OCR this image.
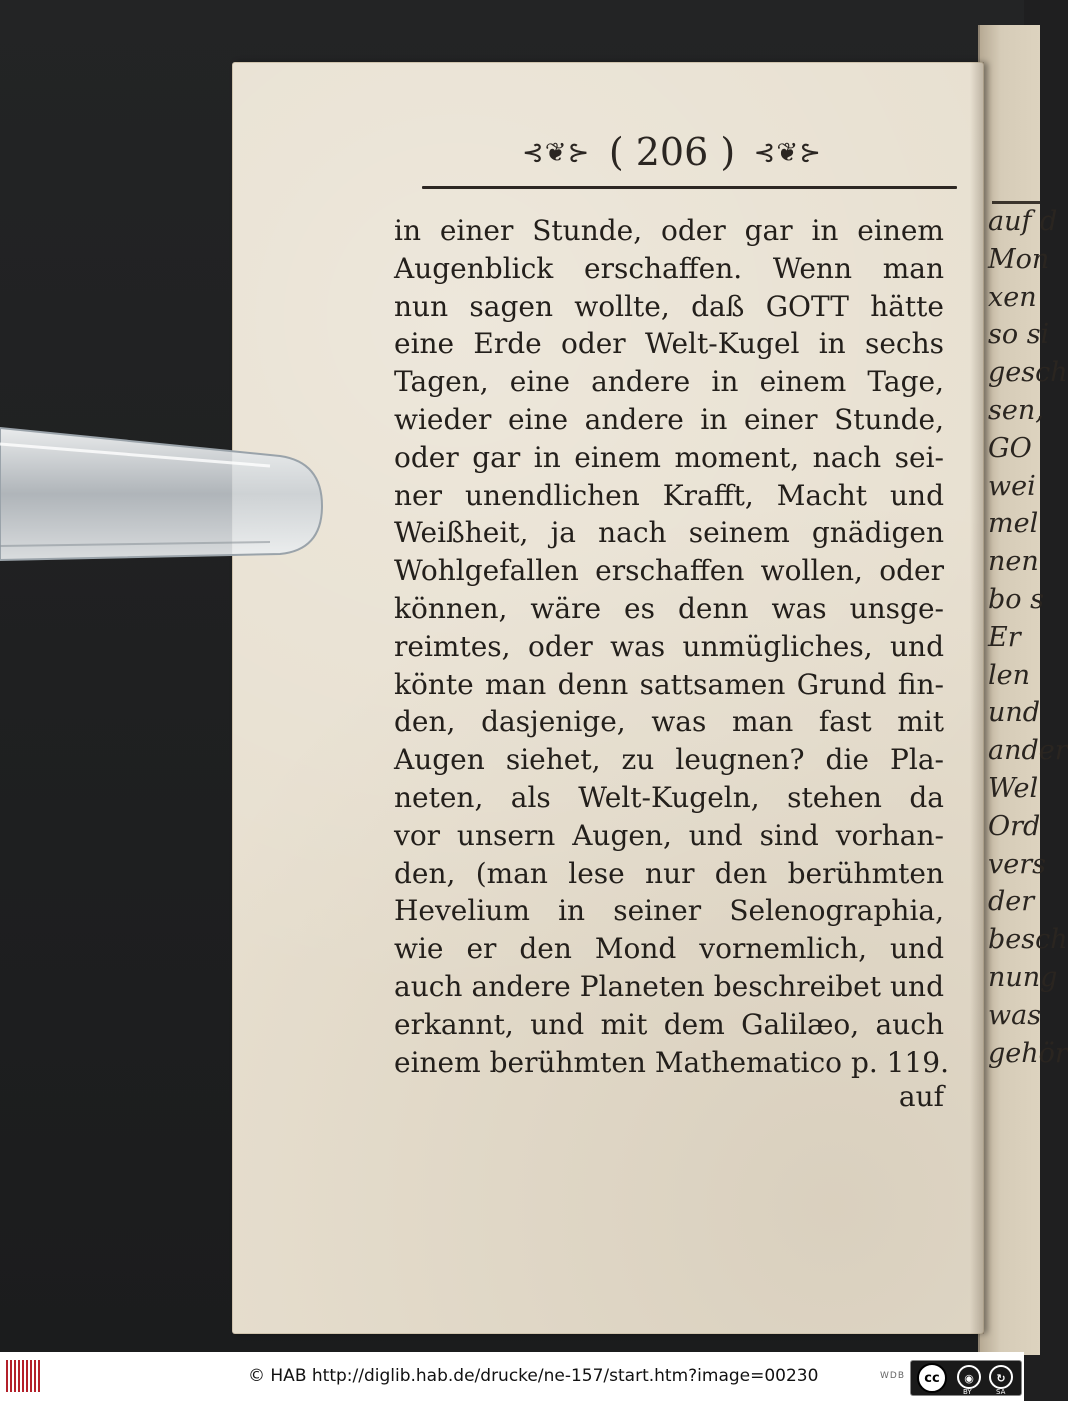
auf d
Mon
xen
so si
gesch
sen,
GO
wei
mel
nen
bo s
Er
len
und
ander
Wel
Ord
vers
der
besch
nung
was
gehör
⊰❦⊱ ( 206 ) ⊰❦⊱
in einer Stunde, oder gar in einem
Augenblick erschaffen. Wenn man
nun sagen wollte, daß GOTT hätte
eine Erde oder Welt-Kugel in sechs
Tagen, eine andere in einem Tage,
wieder eine andere in einer Stunde,
oder gar in einem moment, nach sei-
ner unendlichen Krafft, Macht und
Weißheit, ja nach seinem gnädigen
Wohlgefallen erschaffen wollen, oder
können, wäre es denn was unsge-
reimtes, oder was unmügliches, und
könte man denn sattsamen Grund fin-
den, dasjenige, was man fast mit
Augen siehet, zu leugnen? die Pla-
neten, als Welt-Kugeln, stehen da
vor unsern Augen, und sind vorhan-
den, (man lese nur den berühmten
Hevelium in seiner Selenographia,
wie er den Mond vornemlich, und
auch andere Planeten beschreibet und
erkannt, und mit dem Galilæo, auch
einem berühmten Mathematico p. 119.
auf
© HAB http://diglib.hab.de/drucke/ne-157/start.htm?image=00230	WDB	cc	◉	↻
BY	SA
